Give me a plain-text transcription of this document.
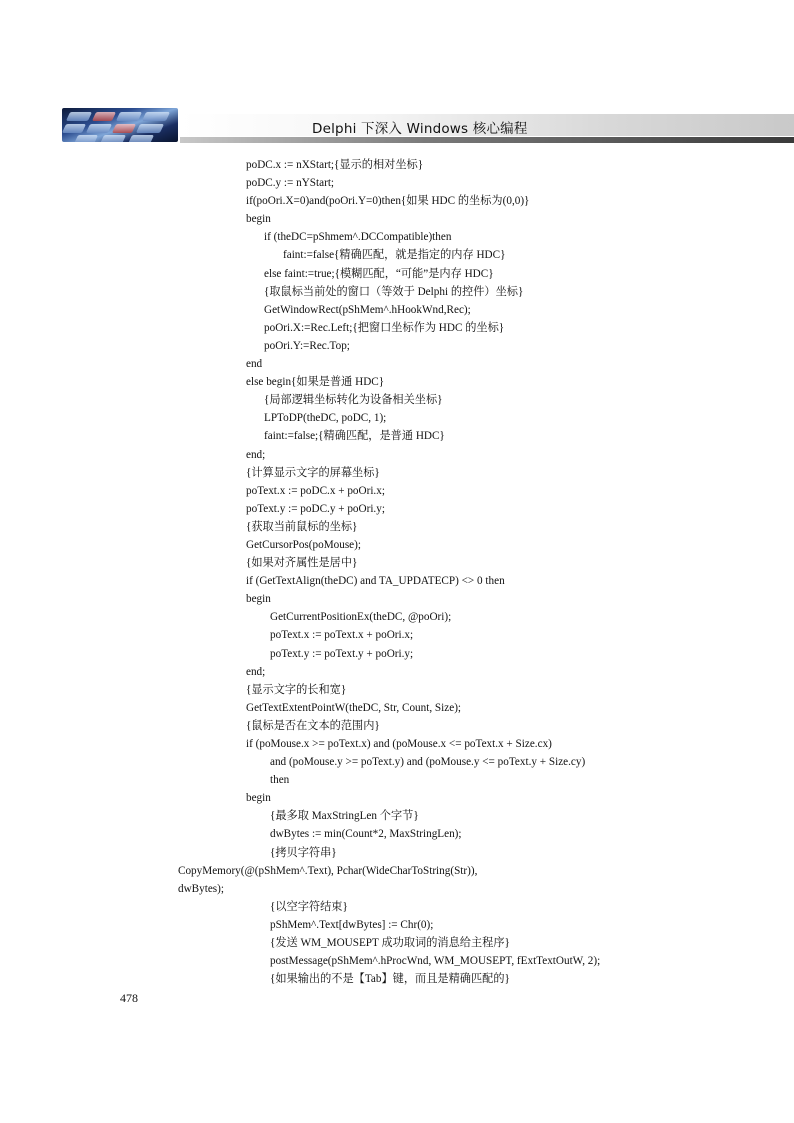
Delphi 下深入 Windows 核心编程
poDC.x := nXStart;{显示的相对坐标}
poDC.y := nYStart;
if(poOri.X=0)and(poOri.Y=0)then{如果 HDC 的坐标为(0,0)}
begin
if (theDC=pShmem^.DCCompatible)then
faint:=false{精确匹配，就是指定的内存 HDC}
else faint:=true;{模糊匹配，“可能”是内存 HDC}
{取鼠标当前处的窗口（等效于 Delphi 的控件）坐标}
GetWindowRect(pShMem^.hHookWnd,Rec);
poOri.X:=Rec.Left;{把窗口坐标作为 HDC 的坐标}
poOri.Y:=Rec.Top;
end
else begin{如果是普通 HDC}
{局部逻辑坐标转化为设备相关坐标}
LPToDP(theDC, poDC, 1);
faint:=false;{精确匹配，是普通 HDC}
end;
{计算显示文字的屏幕坐标}
poText.x := poDC.x + poOri.x;
poText.y := poDC.y + poOri.y;
{获取当前鼠标的坐标}
GetCursorPos(poMouse);
{如果对齐属性是居中}
if (GetTextAlign(theDC) and TA_UPDATECP) <> 0 then
begin
GetCurrentPositionEx(theDC, @poOri);
poText.x := poText.x + poOri.x;
poText.y := poText.y + poOri.y;
end;
{显示文字的长和宽}
GetTextExtentPointW(theDC, Str, Count, Size);
{鼠标是否在文本的范围内}
if (poMouse.x >= poText.x) and (poMouse.x <= poText.x + Size.cx)
and (poMouse.y >= poText.y) and (poMouse.y <= poText.y + Size.cy)
then
begin
{最多取 MaxStringLen 个字节}
dwBytes := min(Count*2, MaxStringLen);
{拷贝字符串}
CopyMemory(@(pShMem^.Text), Pchar(WideCharToString(Str)),
dwBytes);
{以空字符结束}
pShMem^.Text[dwBytes] := Chr(0);
{发送 WM_MOUSEPT 成功取词的消息给主程序}
postMessage(pShMem^.hProcWnd, WM_MOUSEPT, fExtTextOutW, 2);
{如果输出的不是【Tab】键，而且是精确匹配的}
478
